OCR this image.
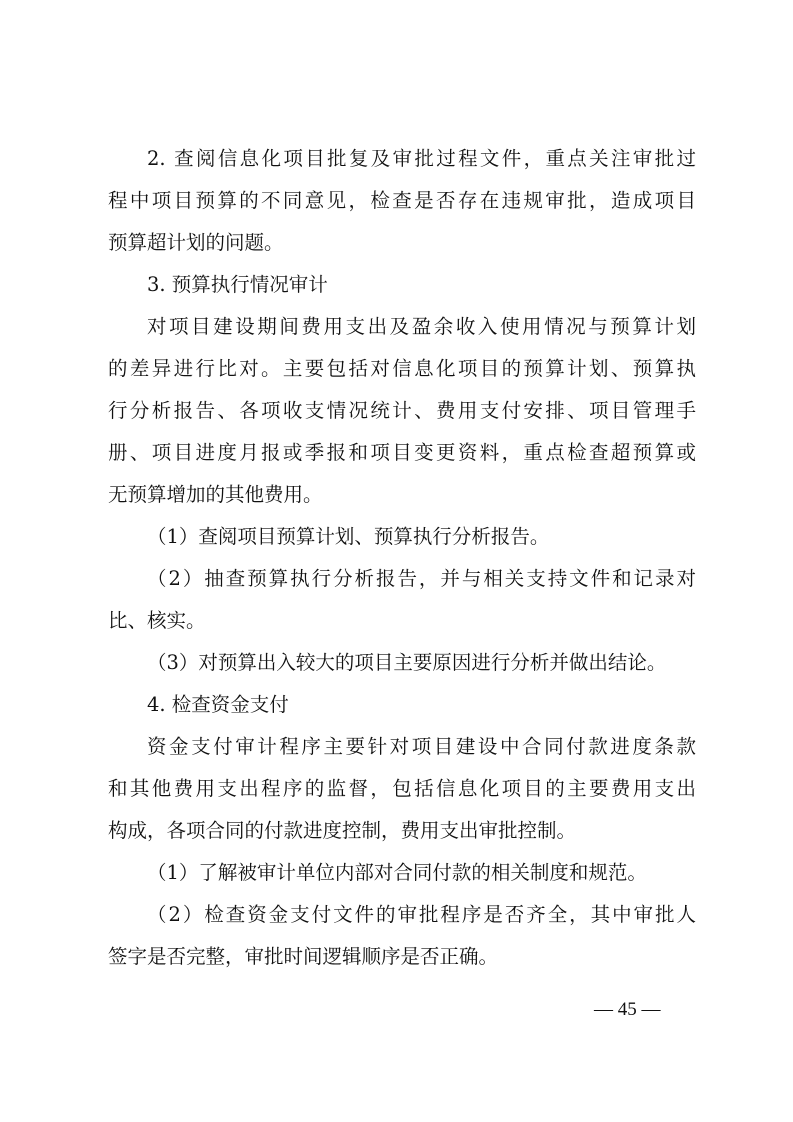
2. 查阅信息化项目批复及审批过程文件，重点关注审批过
程中项目预算的不同意见，检查是否存在违规审批，造成项目
预算超计划的问题。
3. 预算执行情况审计
对项目建设期间费用支出及盈余收入使用情况与预算计划
的差异进行比对。主要包括对信息化项目的预算计划、预算执
行分析报告、各项收支情况统计、费用支付安排、项目管理手
册、项目进度月报或季报和项目变更资料，重点检查超预算或
无预算增加的其他费用。
（1）查阅项目预算计划、预算执行分析报告。
（2）抽查预算执行分析报告，并与相关支持文件和记录对
比、核实。
（3）对预算出入较大的项目主要原因进行分析并做出结论。
4. 检查资金支付
资金支付审计程序主要针对项目建设中合同付款进度条款
和其他费用支出程序的监督，包括信息化项目的主要费用支出
构成，各项合同的付款进度控制，费用支出审批控制。
（1）了解被审计单位内部对合同付款的相关制度和规范。
（2）检查资金支付文件的审批程序是否齐全，其中审批人
签字是否完整，审批时间逻辑顺序是否正确。
— 45 —
